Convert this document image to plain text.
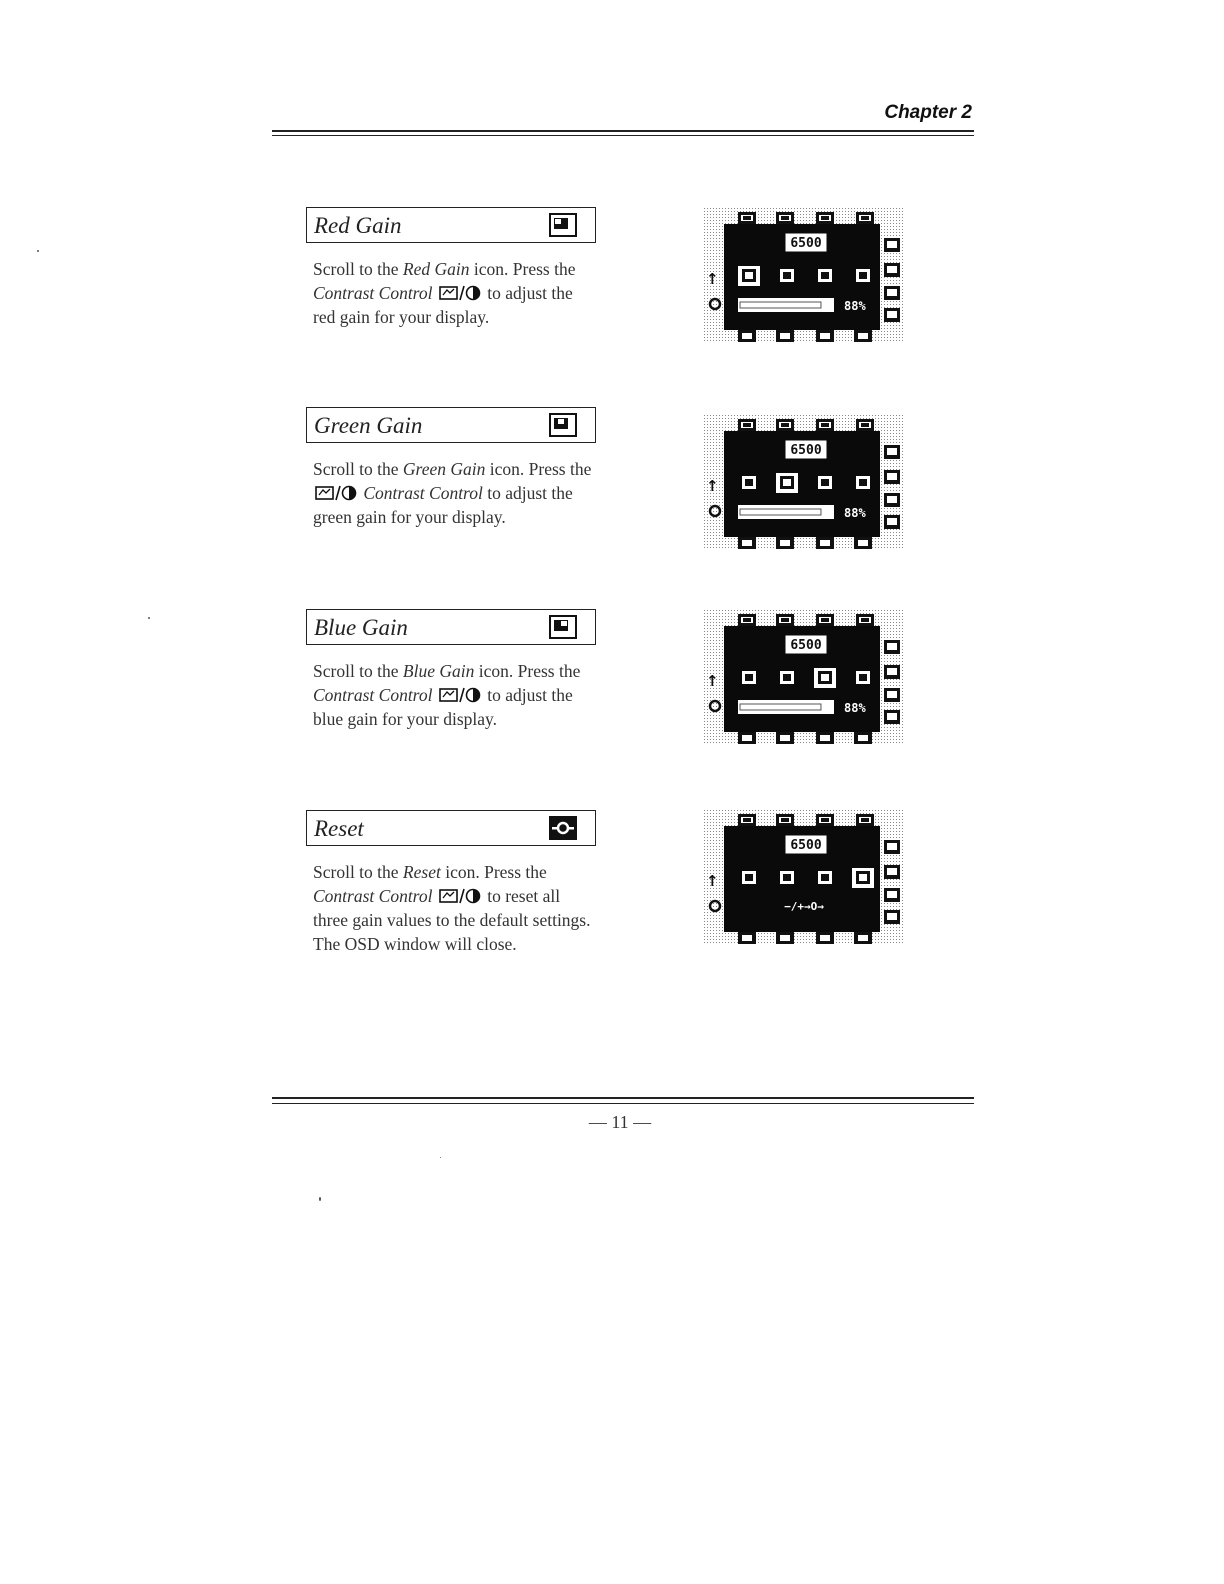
Chapter 2
Red Gain
Scroll to the Red Gain icon. Press the Contrast Control	to adjust the red gain for your display.
↑
6500
88%
Green Gain
Scroll to the Green Gain icon. Press the  Contrast Control to adjust the green gain for your display.
↑
6500
88%
Blue Gain
Scroll to the Blue Gain icon. Press the Contrast Control	to adjust the blue gain for your display.
↑
6500
88%
Reset
Scroll to the Reset icon. Press the Contrast Control	to reset all three gain values to the default settings. The OSD window will close.
↑
6500
−/+→O→
— 11 —
